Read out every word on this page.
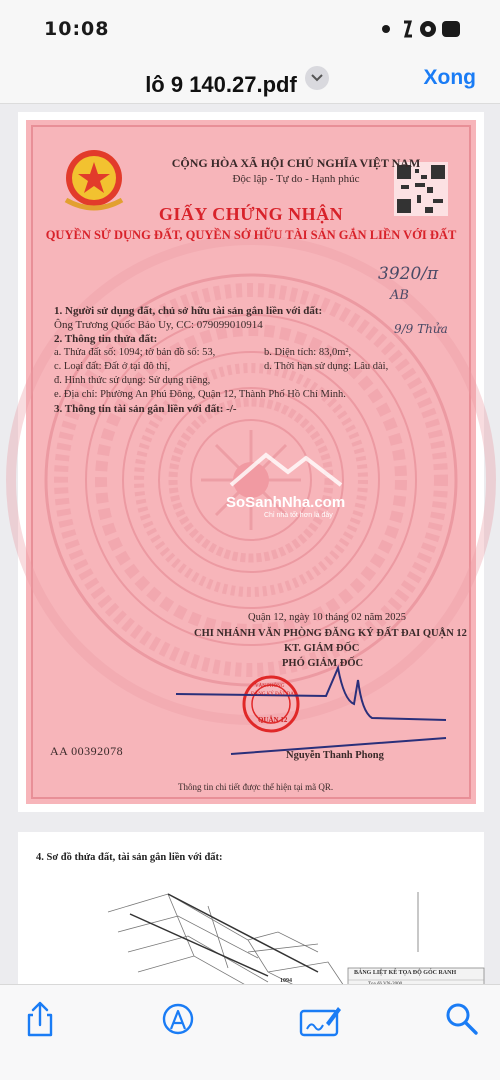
10:08
lô 9 140.27.pdf	Xong
CỘNG HÒA XÃ HỘI CHỦ NGHĨA VIỆT NAM
Độc lập - Tự do - Hạnh phúc
GIẤY CHỨNG NHẬN
QUYỀN SỬ DỤNG ĐẤT, QUYỀN SỞ HỮU TÀI SẢN GẮN LIỀN VỚI ĐẤT
3920/π
AB
9/9 Thửa
1. Người sử dụng đất, chủ sở hữu tài sản gắn liền với đất:
Ông Trương Quốc Bảo Uy, CC: 079099010914
2. Thông tin thửa đất:
a. Thửa đất số: 1094; tờ bản đồ số: 53,	b. Diện tích: 83,0m²,
c. Loại đất: Đất ở tại đô thị,	d. Thời hạn sử dụng: Lâu dài,
đ. Hình thức sử dụng: Sử dụng riêng,
e. Địa chỉ: Phường An Phú Đông, Quận 12, Thành Phố Hồ Chí Minh.
3. Thông tin tài sản gắn liền với đất: -/-
SoSanhNha.com
Chỉ nhà tốt hơn là đây
Quận 12, ngày 10 tháng 02 năm 2025
CHI NHÁNH VĂN PHÒNG ĐĂNG KÝ ĐẤT ĐAI QUẬN 12
KT. GIÁM ĐỐC
PHÓ GIÁM ĐỐC
VĂN PHÒNG
ĐĂNG KÝ ĐẤT ĐAI
QUẬN 12
AA 00392078	Nguyễn Thanh Phong
Thông tin chi tiết được thể hiện tại mã QR.
4. Sơ đồ thửa đất, tài sản gắn liền với đất:
BẢNG LIỆT KÊ TỌA ĐỘ GÓC RANH
1094
